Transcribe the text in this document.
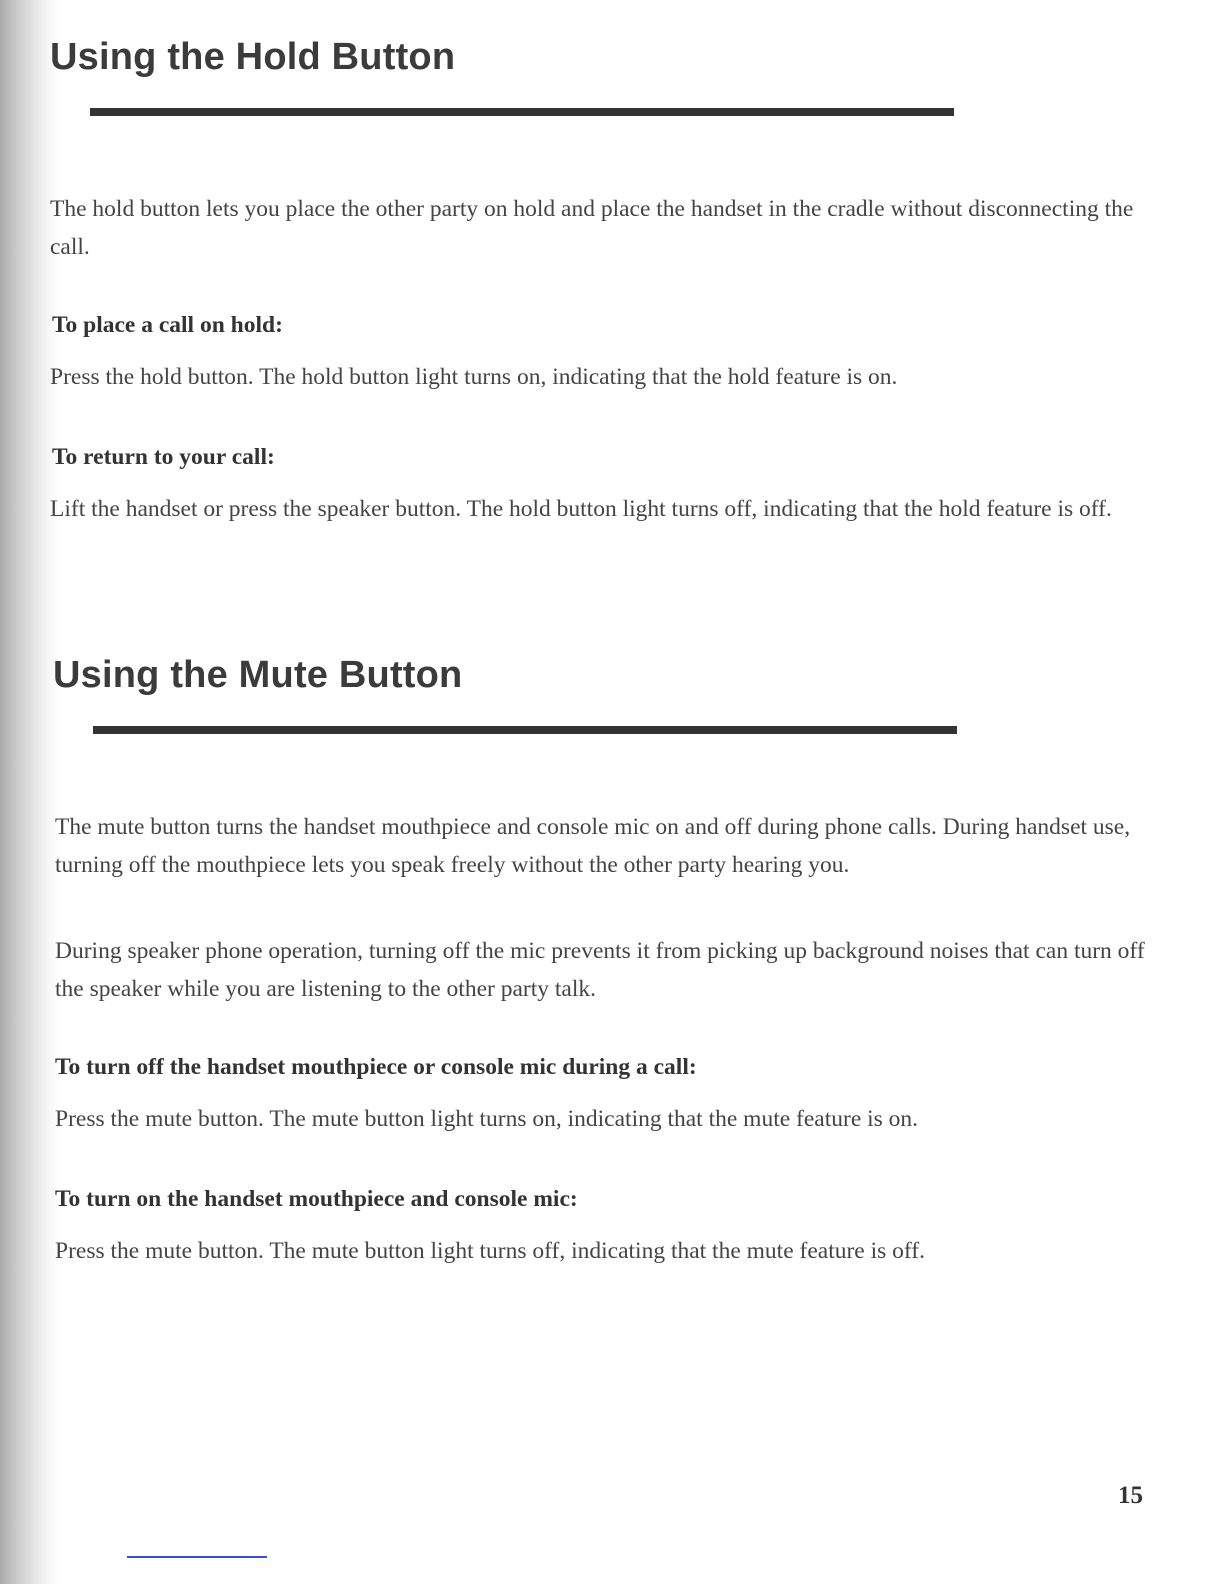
Using the Hold Button

The hold button lets you place the other party on hold and place the handset in the cradle without disconnecting the call.

To place a call on hold:

Press the hold button. The hold button light turns on, indicating that the hold feature is on.

To return to your call:

Lift the handset or press the speaker button. The hold button light turns off, indicating that the hold feature is off.

Using the Mute Button

The mute button turns the handset mouthpiece and console mic on and off during phone calls. During handset use, turning off the mouthpiece lets you speak freely without the other party hearing you.

During speaker phone operation, turning off the mic prevents it from picking up background noises that can turn off the speaker while you are listening to the other party talk.

To turn off the handset mouthpiece or console mic during a call:

Press the mute button. The mute button light turns on, indicating that the mute feature is on.

To turn on the handset mouthpiece and console mic:

Press the mute button. The mute button light turns off, indicating that the mute feature is off.

15
